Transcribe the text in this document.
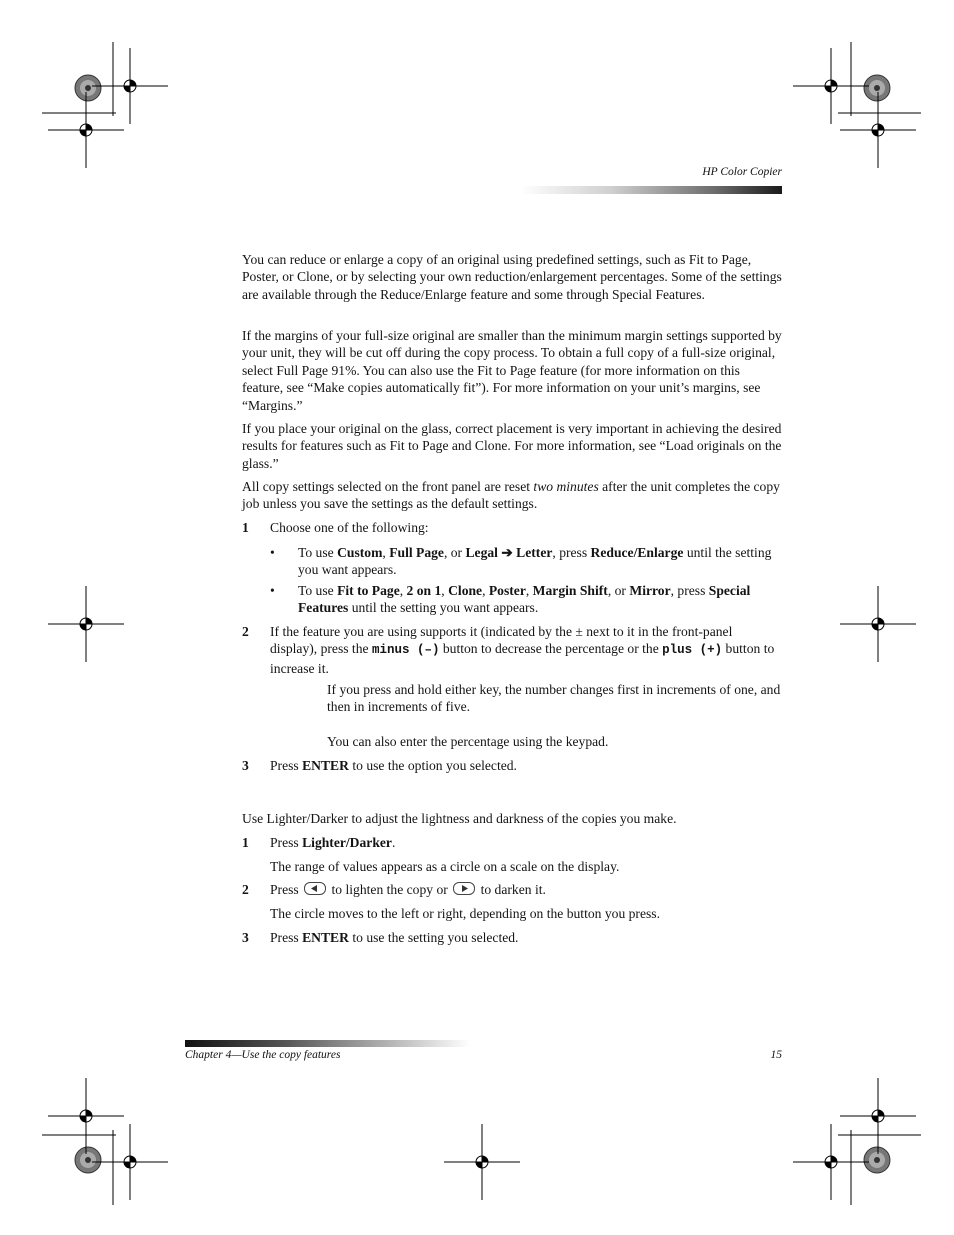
HP Color Copier

You can reduce or enlarge a copy of an original using predefined settings, such as Fit to Page, Poster, or Clone, or by selecting your own reduction/enlargement percentages. Some of the settings are available through the Reduce/Enlarge feature and some through Special Features.

If the margins of your full-size original are smaller than the minimum margin settings supported by your unit, they will be cut off during the copy process. To obtain a full copy of a full-size original, select Full Page 91%. You can also use the Fit to Page feature (for more information on this feature, see “Make copies automatically fit”). For more information on your unit’s margins, see “Margins.”

If you place your original on the glass, correct placement is very important in achieving the desired results for features such as Fit to Page and Clone. For more information, see “Load originals on the glass.”

All copy settings selected on the front panel are reset two minutes after the unit completes the copy job unless you save the settings as the default settings.

1 Choose one of the following:

• To use Custom, Full Page, or Legal ➔ Letter, press Reduce/Enlarge until the setting you want appears.

• To use Fit to Page, 2 on 1, Clone, Poster, Margin Shift, or Mirror, press Special Features until the setting you want appears.

2 If the feature you are using supports it (indicated by the ± next to it in the front-panel display), press the minus (–) button to decrease the percentage or the plus (+) button to increase it.

If you press and hold either key, the number changes first in increments of one, and then in increments of five.

You can also enter the percentage using the keypad.

3 Press ENTER to use the option you selected.

Use Lighter/Darker to adjust the lightness and darkness of the copies you make.

1 Press Lighter/Darker.

The range of values appears as a circle on a scale on the display.

2 Press
to lighten the copy or
to darken it.

The circle moves to the left or right, depending on the button you press.

3 Press ENTER to use the setting you selected.

Chapter 4—Use the copy features	15
